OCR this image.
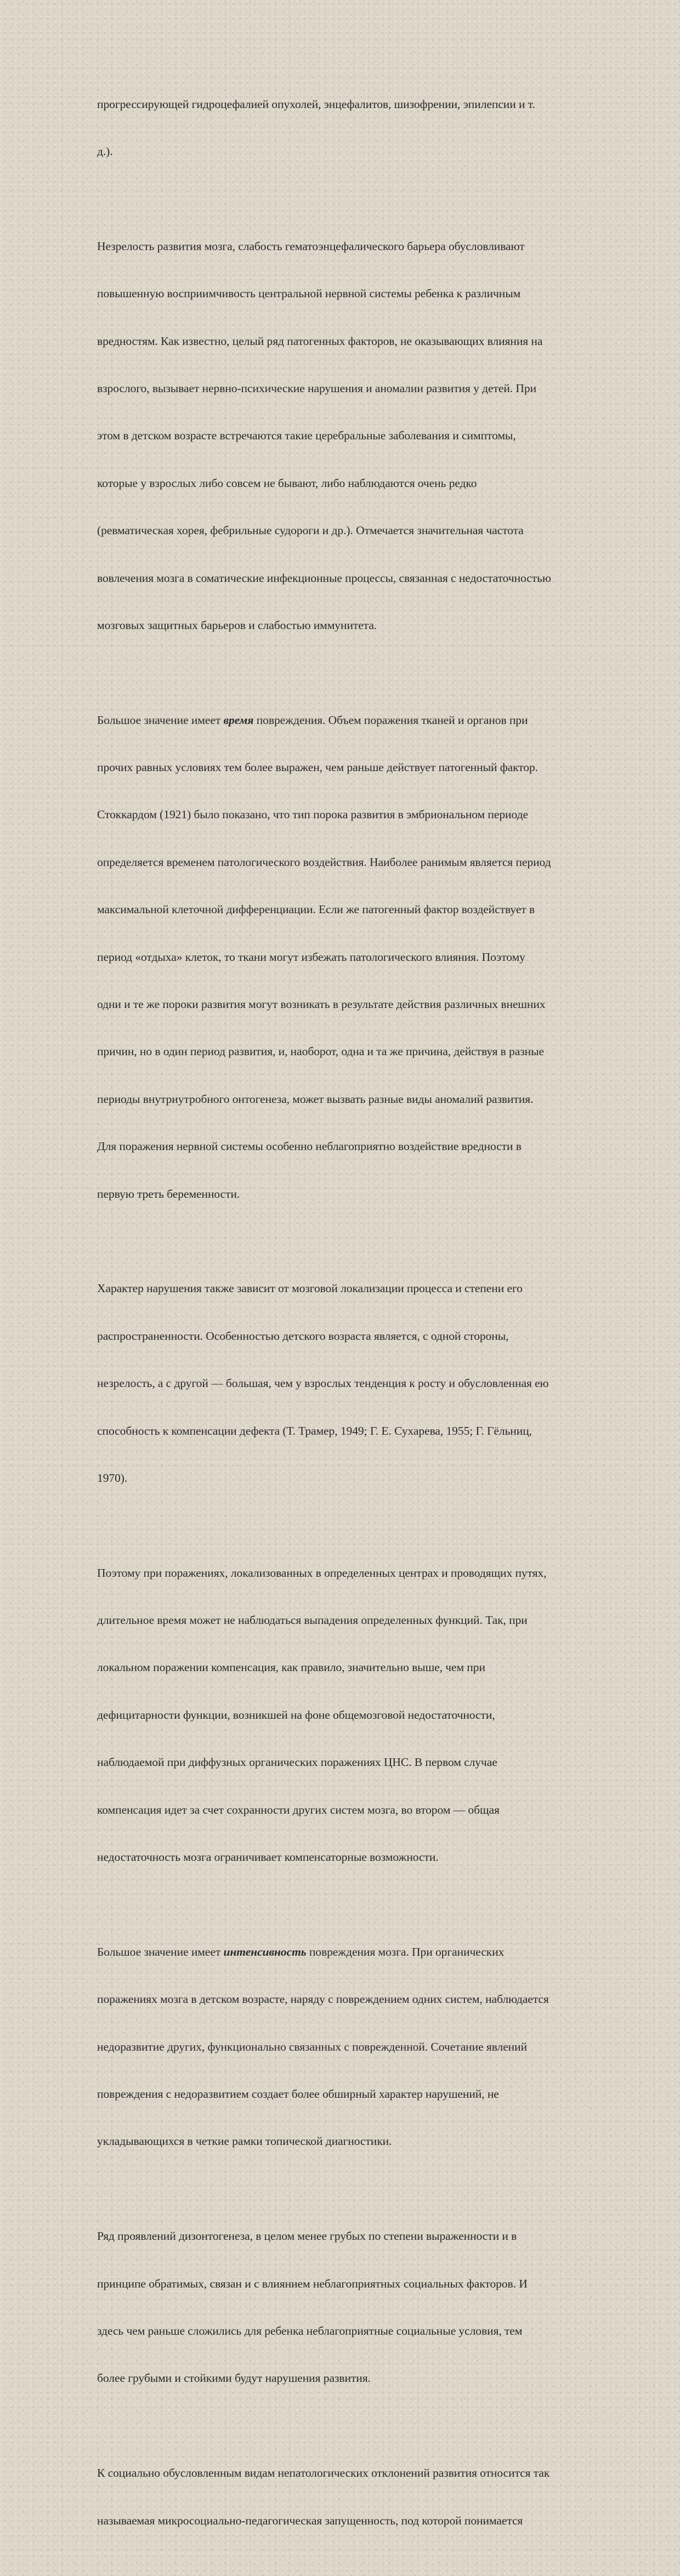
прогрессирующей гидроцефалией опухолей, энцефалитов, шизофрении, эпилепсии и т.

д.).

Незрелость развития мозга, слабость гематоэнцефалического барьера обусловливают

повышенную восприимчивость центральной нервной системы ребенка к различным

вредностям. Как известно, целый ряд патогенных факторов, не оказывающих влияния на

взрослого, вызывает нервно-психические нарушения и аномалии развития у детей. При

этом в детском возрасте встречаются такие церебральные заболевания и симптомы,

которые у взрослых либо совсем не бывают, либо наблюдаются очень редко

(ревматическая хорея, фебрильные судороги и др.). Отмечается значительная частота

вовлечения мозга в соматические инфекционные процессы, связанная с недостаточностью

мозговых защитных барьеров и слабостью иммунитета.

Большое значение имеет время повреждения. Объем поражения тканей и органов при

прочих равных условиях тем более выражен, чем раньше действует патогенный фактор.

Стоккардом (1921) было показано, что тип порока развития в эмбриональном периоде

определяется временем патологического воздействия. Наиболее ранимым является период

максимальной клеточной дифференциации. Если же патогенный фактор воздействует в

период «отдыха» клеток, то ткани могут избежать патологического влияния. Поэтому

одни и те же пороки развития могут возникать в результате действия различных внешних

причин, но в один период развития, и, наоборот, одна и та же причина, действуя в разные

периоды внутриутробного онтогенеза, может вызвать разные виды аномалий развития.

Для поражения нервной системы особенно неблагоприятно воздействие вредности в

первую треть беременности.

Характер нарушения также зависит от мозговой локализации процесса и степени его

распространенности. Особенностью детского возраста является, с одной стороны,

незрелость, а с другой — большая, чем у взрослых тенденция к росту и обусловленная ею

способность к компенсации дефекта (Т. Трамер, 1949; Г. Е. Сухарева, 1955; Г. Гёльниц,

1970).

Поэтому при поражениях, локализованных в определенных центрах и проводящих путях,

длительное время может не наблюдаться выпадения определенных функций. Так, при

локальном поражении компенсация, как правило, значительно выше, чем при

дефицитарности функции, возникшей на фоне общемозговой недостаточности,

наблюдаемой при диффузных органических поражениях ЦНС. В первом случае

компенсация идет за счет сохранности других систем мозга, во втором — общая

недостаточность мозга ограничивает компенсаторные возможности.

Большое значение имеет интенсивность повреждения мозга. При органических

поражениях мозга в детском возрасте, наряду с повреждением одних систем, наблюдается

недоразвитие других, функционально связанных с поврежденной. Сочетание явлений

повреждения с недоразвитием создает более обширный характер нарушений, не

укладывающихся в четкие рамки топической диагностики.

Ряд проявлений дизонтогенеза, в целом менее грубых по степени выраженности и в

принципе обратимых, связан и с влиянием неблагоприятных социальных факторов. И

здесь чем раньше сложились для ребенка неблагоприятные социальные условия, тем

более грубыми и стойкими будут нарушения развития.

К социально обусловленным видам непатологических отклонений развития относится так

называемая микросоциально-педагогическая запущенность, под которой понимается
